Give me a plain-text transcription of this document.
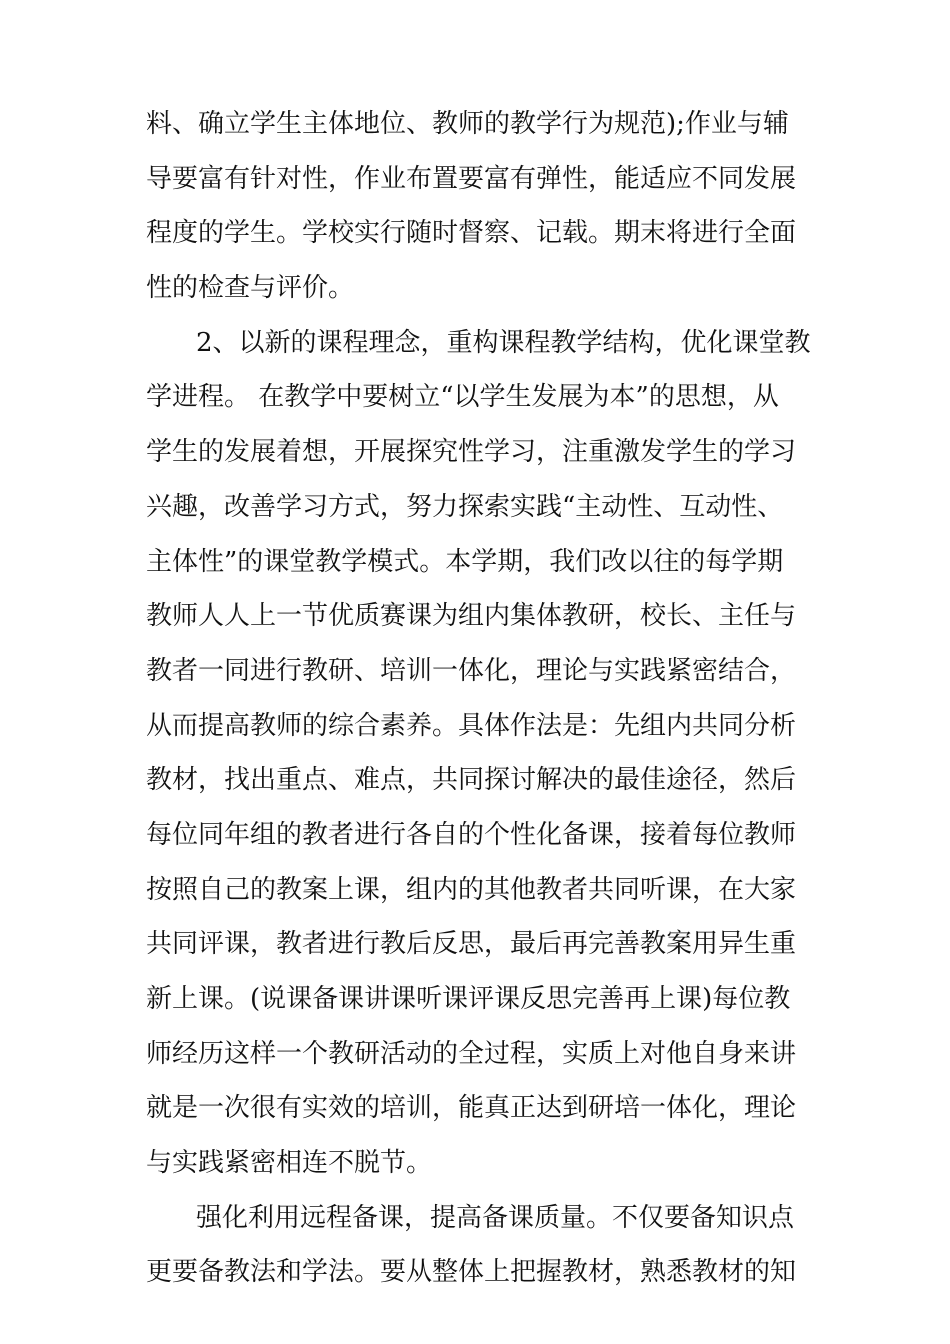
料、确立学生主体地位、教师的教学行为规范);作业与辅
导要富有针对性，作业布置要富有弹性，能适应不同发展
程度的学生。学校实行随时督察、记载。期末将进行全面
性的检查与评价。
2、以新的课程理念，重构课程教学结构，优化课堂教
学进程。 在教学中要树立“以学生发展为本”的思想，从
学生的发展着想，开展探究性学习，注重激发学生的学习
兴趣，改善学习方式，努力探索实践“主动性、互动性、
主体性”的课堂教学模式。本学期，我们改以往的每学期
教师人人上一节优质赛课为组内集体教研，校长、主任与
教者一同进行教研、培训一体化，理论与实践紧密结合，
从而提高教师的综合素养。具体作法是：先组内共同分析
教材，找出重点、难点，共同探讨解决的最佳途径，然后
每位同年组的教者进行各自的个性化备课，接着每位教师
按照自己的教案上课，组内的其他教者共同听课，在大家
共同评课，教者进行教后反思，最后再完善教案用异生重
新上课。(说课备课讲课听课评课反思完善再上课)每位教
师经历这样一个教研活动的全过程，实质上对他自身来讲
就是一次很有实效的培训，能真正达到研培一体化，理论
与实践紧密相连不脱节。
强化利用远程备课，提高备课质量。不仅要备知识点
更要备教法和学法。要从整体上把握教材，熟悉教材的知
